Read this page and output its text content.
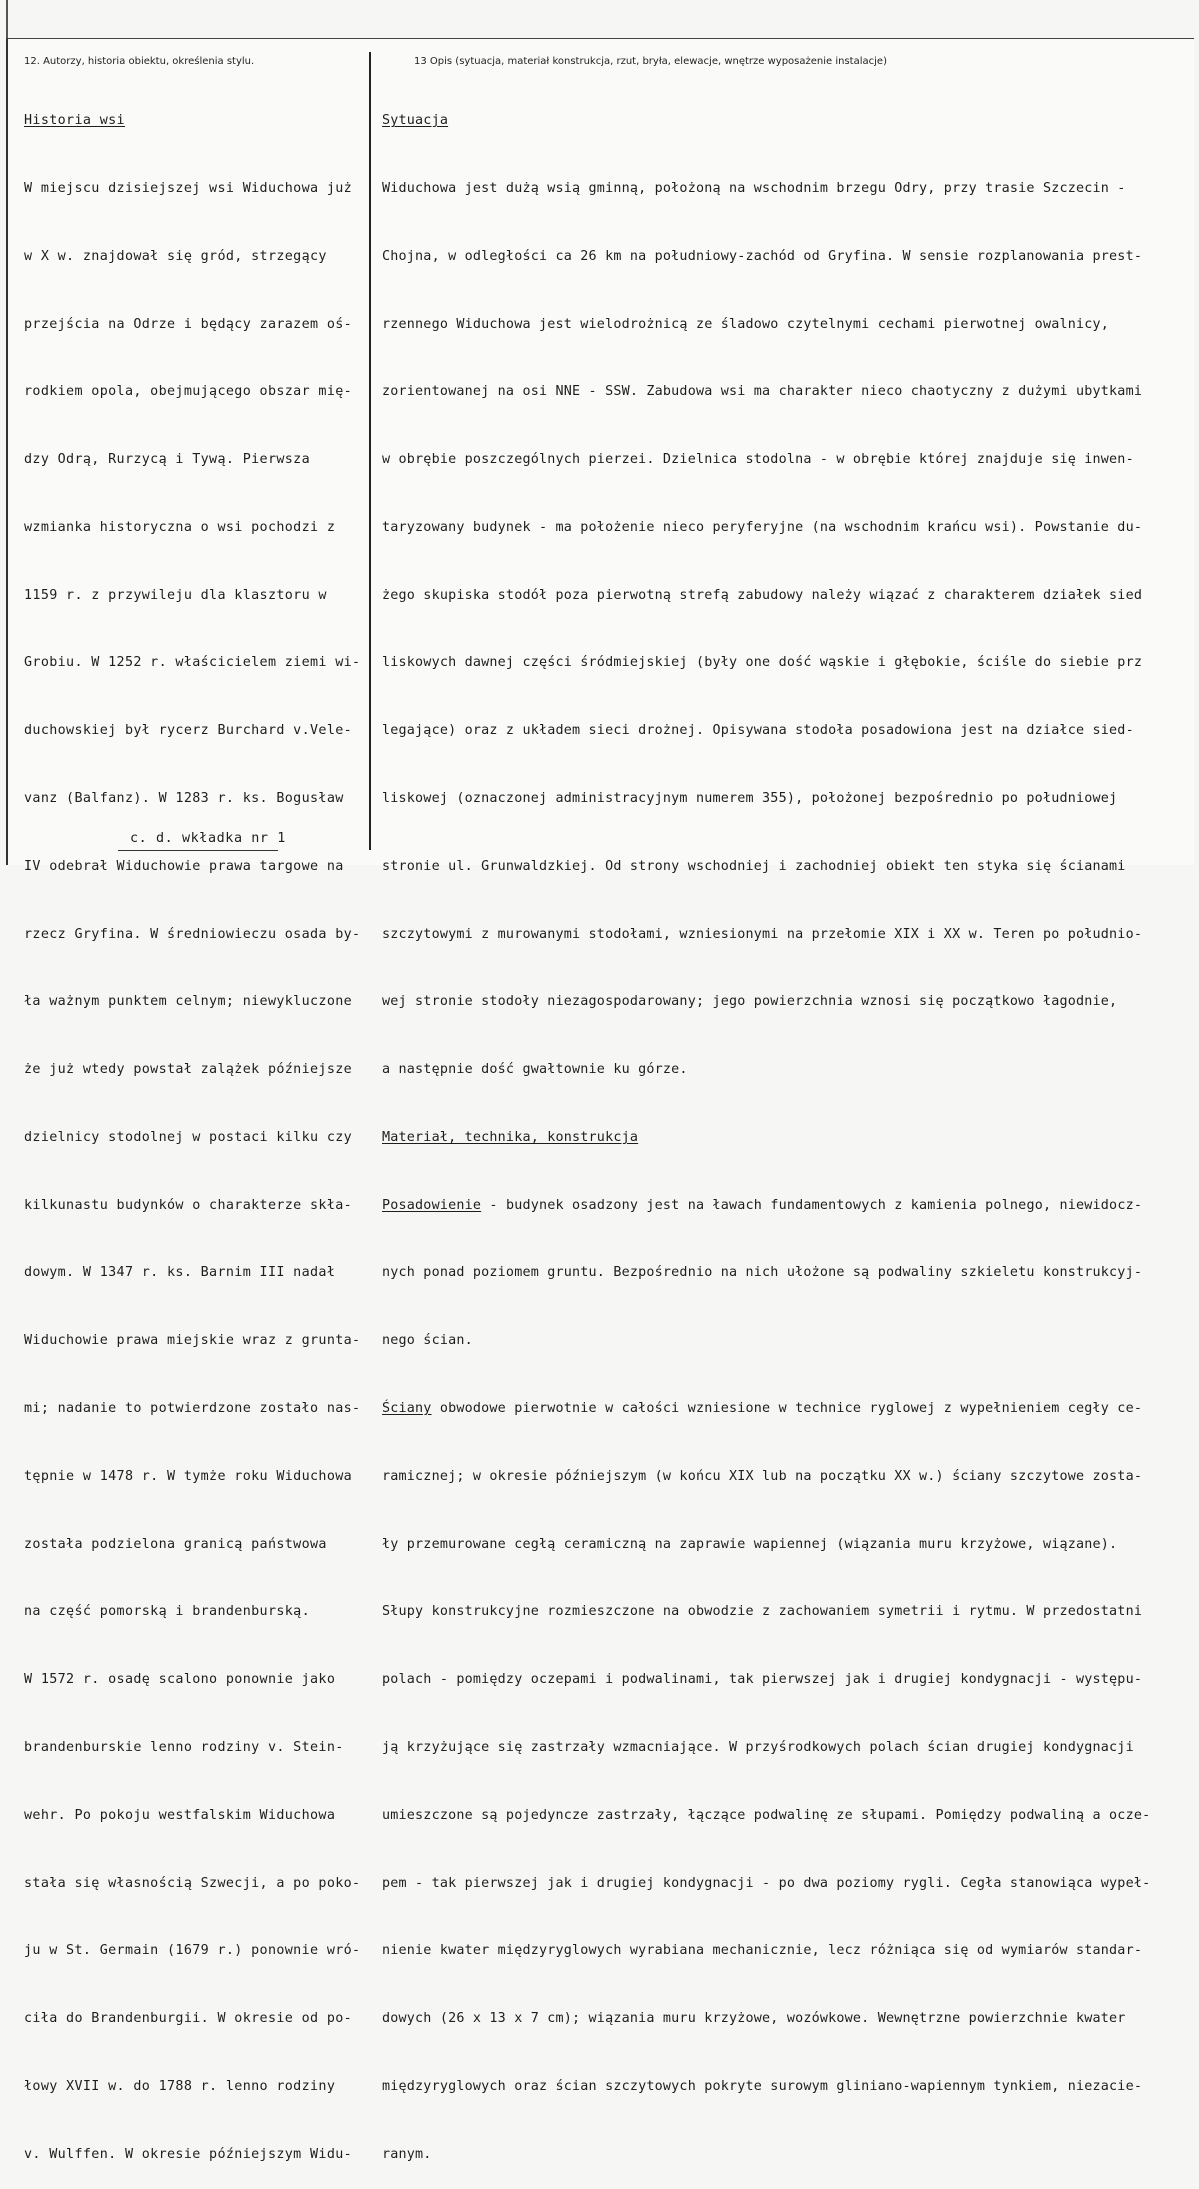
12. Autorzy, historia obiektu, określenia stylu.	13 Opis (sytuacja, materiał konstrukcja, rzut, bryła, elewacje, wnętrze wyposażenie instalacje)

Historia wsi

W miejscu dzisiejszej wsi Widuchowa już

w X w. znajdował się gród, strzegący

przejścia na Odrze i będący zarazem oś-

rodkiem opola, obejmującego obszar mię-

dzy Odrą, Rurzycą i Tywą. Pierwsza

wzmianka historyczna o wsi pochodzi z

1159 r. z przywileju dla klasztoru w

Grobiu. W 1252 r. właścicielem ziemi wi-

duchowskiej był rycerz Burchard v.Vele-

vanz (Balfanz). W 1283 r. ks. Bogusław

IV odebrał Widuchowie prawa targowe na

rzecz Gryfina. W średniowieczu osada by-

ła ważnym punktem celnym; niewykluczone

że już wtedy powstał zalążek późniejsze

dzielnicy stodolnej w postaci kilku czy

kilkunastu budynków o charakterze skła-

dowym. W 1347 r. ks. Barnim III nadał

Widuchowie prawa miejskie wraz z grunta-

mi; nadanie to potwierdzone zostało nas-

tępnie w 1478 r. W tymże roku Widuchowa

została podzielona granicą państwowa

na część pomorską i brandenburską.

W 1572 r. osadę scalono ponownie jako

brandenburskie lenno rodziny v. Stein-

wehr. Po pokoju westfalskim Widuchowa

stała się własnością Szwecji, a po poko-

ju w St. Germain (1679 r.) ponownie wró-

ciła do Brandenburgii. W okresie od po-

łowy XVII w. do 1788 r. lenno rodziny

v. Wulffen. W okresie późniejszym Widu-

Sytuacja

Widuchowa jest dużą wsią gminną, położoną na wschodnim brzegu Odry, przy trasie Szczecin -

Chojna, w odległości ca 26 km na południowy-zachód od Gryfina. W sensie rozplanowania prest-

rzennego Widuchowa jest wielodrożnicą ze śladowo czytelnymi cechami pierwotnej owalnicy,

zorientowanej na osi NNE - SSW. Zabudowa wsi ma charakter nieco chaotyczny z dużymi ubytkami

w obrębie poszczególnych pierzei. Dzielnica stodolna - w obrębie której znajduje się inwen-

taryzowany budynek - ma położenie nieco peryferyjne (na wschodnim krańcu wsi). Powstanie du-

żego skupiska stodół poza pierwotną strefą zabudowy należy wiązać z charakterem działek sied

liskowych dawnej części śródmiejskiej (były one dość wąskie i głębokie, ściśle do siebie prz

legające) oraz z układem sieci drożnej. Opisywana stodoła posadowiona jest na działce sied-

liskowej (oznaczonej administracyjnym numerem 355), położonej bezpośrednio po południowej

stronie ul. Grunwaldzkiej. Od strony wschodniej i zachodniej obiekt ten styka się ścianami

szczytowymi z murowanymi stodołami, wzniesionymi na przełomie XIX i XX w. Teren po południo-

wej stronie stodoły niezagospodarowany; jego powierzchnia wznosi się początkowo łagodnie,

a następnie dość gwałtownie ku górze.

Materiał, technika, konstrukcja

Posadowienie - budynek osadzony jest na ławach fundamentowych z kamienia polnego, niewidocz-

nych ponad poziomem gruntu. Bezpośrednio na nich ułożone są podwaliny szkieletu konstrukcyj-

nego ścian.

Ściany obwodowe pierwotnie w całości wzniesione w technice ryglowej z wypełnieniem cegły ce-

ramicznej; w okresie późniejszym (w końcu XIX lub na początku XX w.) ściany szczytowe zosta-

ły przemurowane cegłą ceramiczną na zaprawie wapiennej (wiązania muru krzyżowe, wiązane).

Słupy konstrukcyjne rozmieszczone na obwodzie z zachowaniem symetrii i rytmu. W przedostatni

polach - pomiędzy oczepami i podwalinami, tak pierwszej jak i drugiej kondygnacji - występu-

ją krzyżujące się zastrzały wzmacniające. W przyśrodkowych polach ścian drugiej kondygnacji

umieszczone są pojedyncze zastrzały, łączące podwalinę ze słupami. Pomiędzy podwaliną a ocze-

pem - tak pierwszej jak i drugiej kondygnacji - po dwa poziomy rygli. Cegła stanowiąca wypeł-

nienie kwater międzyryglowych wyrabiana mechanicznie, lecz różniąca się od wymiarów standar-

dowych (26 x 13 x 7 cm); wiązania muru krzyżowe, wozówkowe. Wewnętrzne powierzchnie kwater

międzyryglowych oraz ścian szczytowych pokryte surowym gliniano-wapiennym tynkiem, niezacie-

ranym.

c. d. wkładka nr 1
